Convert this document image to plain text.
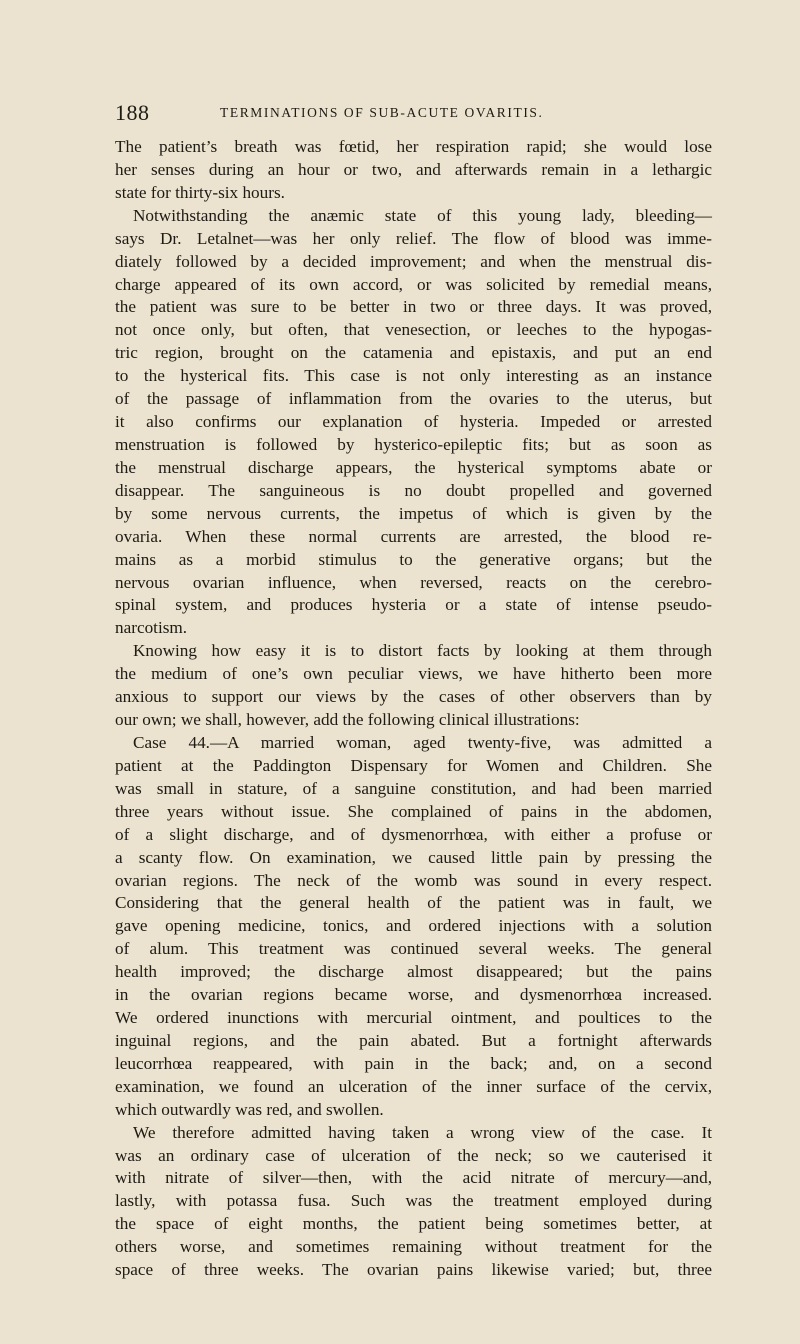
188	TERMINATIONS OF SUB-ACUTE OVARITIS.
The patient’s breath was fœtid, her respiration rapid; she would lose
her senses during an hour or two, and afterwards remain in a lethargic
state for thirty-six hours.
Notwithstanding the anæmic state of this young lady, bleeding—
says Dr. Letalnet—was her only relief. The flow of blood was imme-
diately followed by a decided improvement; and when the menstrual dis-
charge appeared of its own accord, or was solicited by remedial means,
the patient was sure to be better in two or three days. It was proved,
not once only, but often, that venesection, or leeches to the hypogas-
tric region, brought on the catamenia and epistaxis, and put an end
to the hysterical fits. This case is not only interesting as an instance
of the passage of inflammation from the ovaries to the uterus, but
it also confirms our explanation of hysteria. Impeded or arrested
menstruation is followed by hysterico-epileptic fits; but as soon as
the menstrual discharge appears, the hysterical symptoms abate or
disappear. The sanguineous is no doubt propelled and governed
by some nervous currents, the impetus of which is given by the
ovaria. When these normal currents are arrested, the blood re-
mains as a morbid stimulus to the generative organs; but the
nervous ovarian influence, when reversed, reacts on the cerebro-
spinal system, and produces hysteria or a state of intense pseudo-
narcotism.
Knowing how easy it is to distort facts by looking at them through
the medium of one’s own peculiar views, we have hitherto been more
anxious to support our views by the cases of other observers than by
our own; we shall, however, add the following clinical illustrations:
Case 44.—A married woman, aged twenty-five, was admitted a
patient at the Paddington Dispensary for Women and Children. She
was small in stature, of a sanguine constitution, and had been married
three years without issue. She complained of pains in the abdomen,
of a slight discharge, and of dysmenorrhœa, with either a profuse or
a scanty flow. On examination, we caused little pain by pressing the
ovarian regions. The neck of the womb was sound in every respect.
Considering that the general health of the patient was in fault, we
gave opening medicine, tonics, and ordered injections with a solution
of alum. This treatment was continued several weeks. The general
health improved; the discharge almost disappeared; but the pains
in the ovarian regions became worse, and dysmenorrhœa increased.
We ordered inunctions with mercurial ointment, and poultices to the
inguinal regions, and the pain abated. But a fortnight afterwards
leucorrhœa reappeared, with pain in the back; and, on a second
examination, we found an ulceration of the inner surface of the cervix,
which outwardly was red, and swollen.
We therefore admitted having taken a wrong view of the case. It
was an ordinary case of ulceration of the neck; so we cauterised it
with nitrate of silver—then, with the acid nitrate of mercury—and,
lastly, with potassa fusa. Such was the treatment employed during
the space of eight months, the patient being sometimes better, at
others worse, and sometimes remaining without treatment for the
space of three weeks. The ovarian pains likewise varied; but, three
